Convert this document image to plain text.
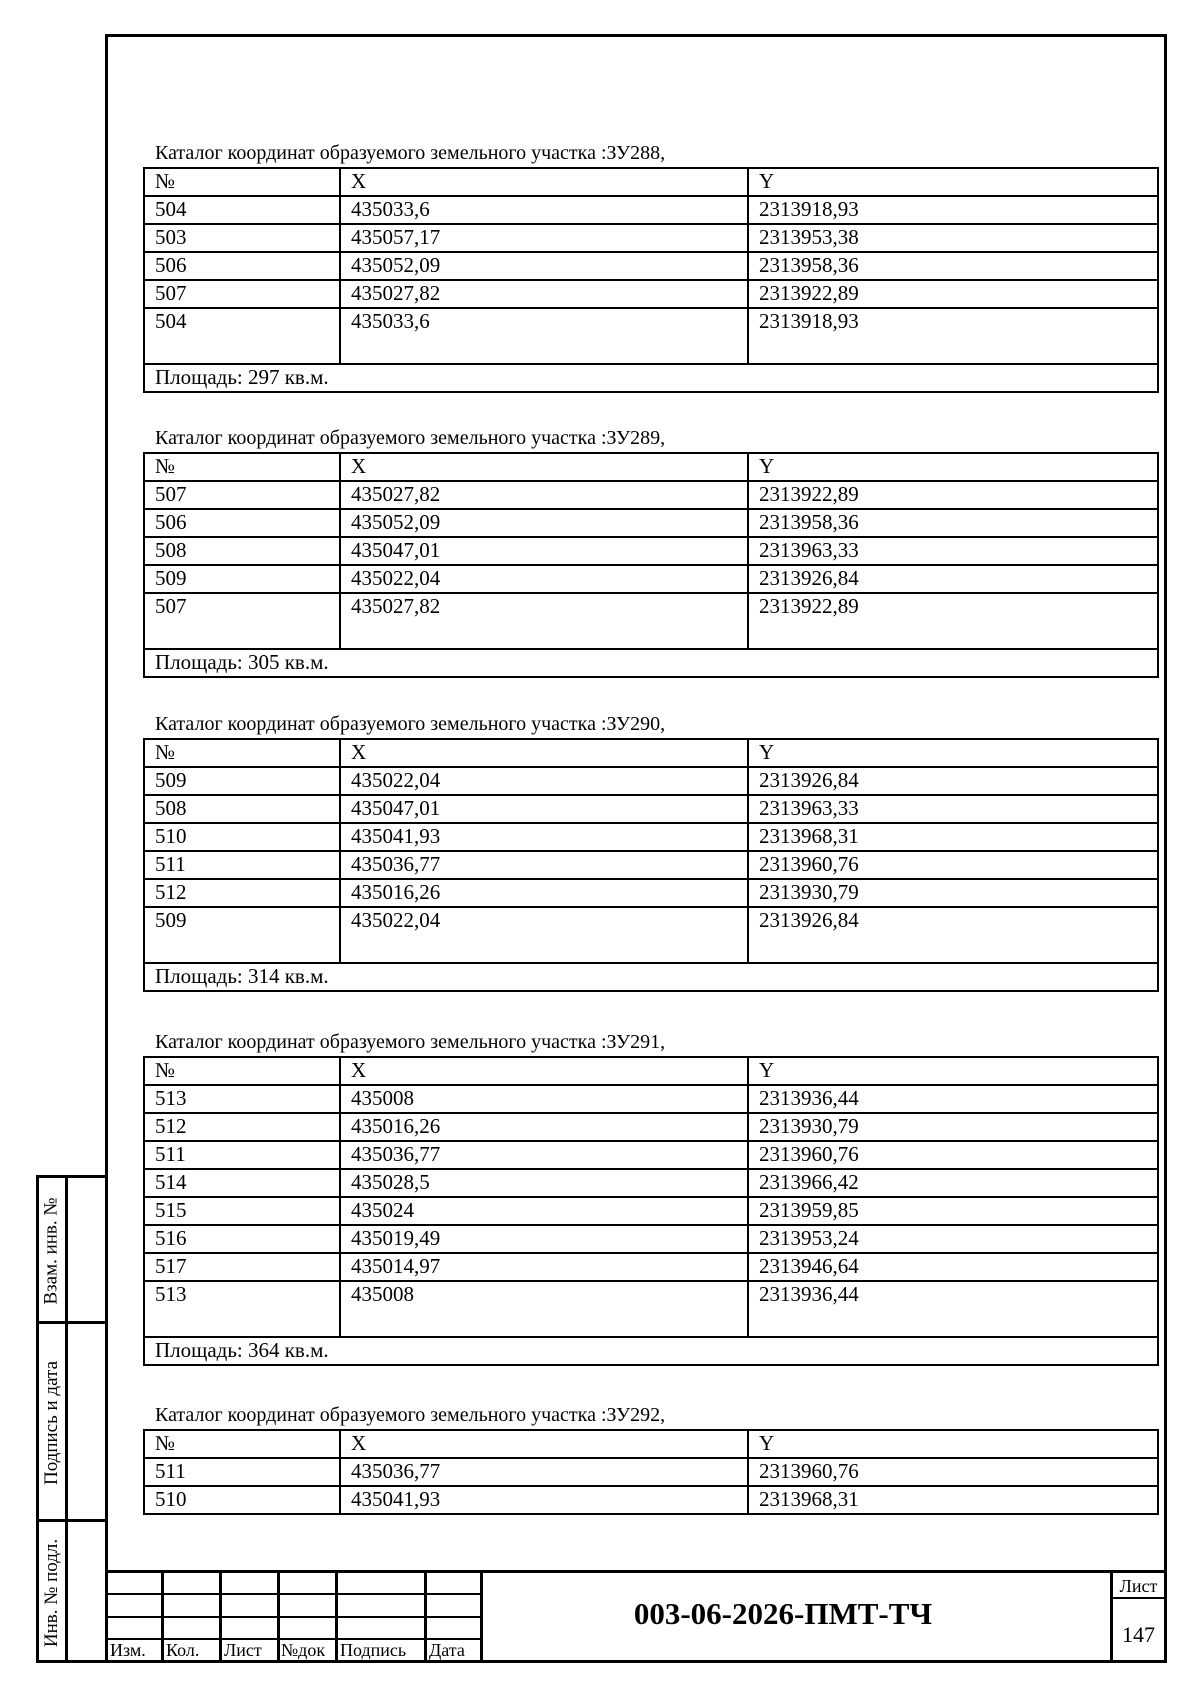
Взам. инв. №
Подпись и дата
Инв. № подл.
Каталог координат образуемого земельного участка :ЗУ288,
№	X	Y
504	435033,6	2313918,93
503	435057,17	2313953,38
506	435052,09	2313958,36
507	435027,82	2313922,89
504	435033,6	2313918,93
Площадь: 297 кв.м.		
Каталог координат образуемого земельного участка :ЗУ289,
№	X	Y
507	435027,82	2313922,89
506	435052,09	2313958,36
508	435047,01	2313963,33
509	435022,04	2313926,84
507	435027,82	2313922,89
Площадь: 305 кв.м.		
Каталог координат образуемого земельного участка :ЗУ290,
№	X	Y
509	435022,04	2313926,84
508	435047,01	2313963,33
510	435041,93	2313968,31
511	435036,77	2313960,76
512	435016,26	2313930,79
509	435022,04	2313926,84
Площадь: 314 кв.м.		
Каталог координат образуемого земельного участка :ЗУ291,
№	X	Y
513	435008	2313936,44
512	435016,26	2313930,79
511	435036,77	2313960,76
514	435028,5	2313966,42
515	435024	2313959,85
516	435019,49	2313953,24
517	435014,97	2313946,64
513	435008	2313936,44
Площадь: 364 кв.м.		
Каталог координат образуемого земельного участка :ЗУ292,
№	X	Y
511	435036,77	2313960,76
510	435041,93	2313968,31
Изм. Кол. Лист №док Подпись Дата
003-06-2026-ПМТ-ТЧ
Лист
147
